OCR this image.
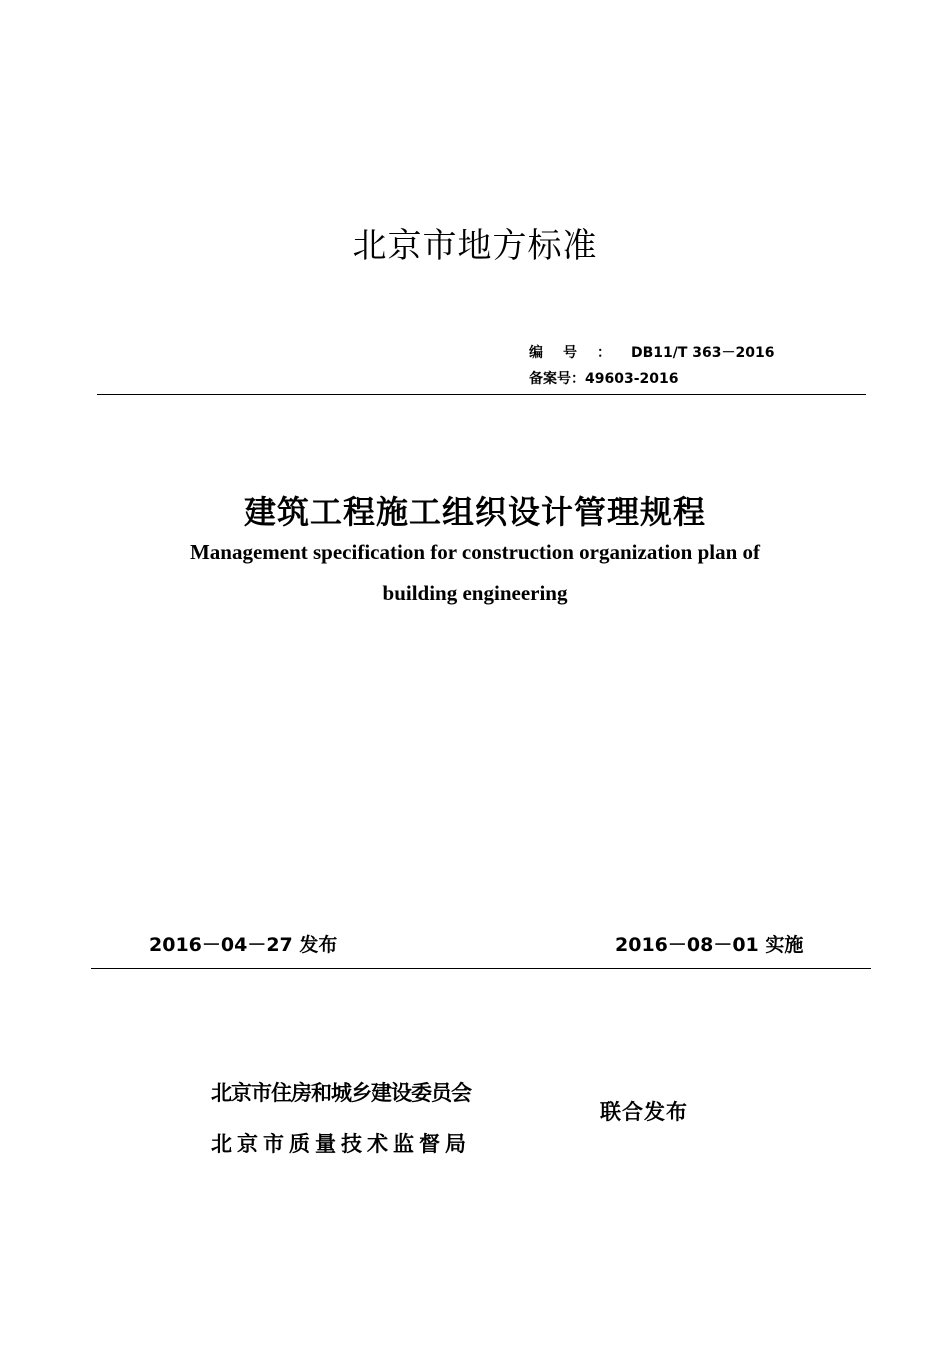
北京市地方标准
编号：DB11/T 363－2016
备案号：49603-2016
建筑工程施工组织设计管理规程
Management specification for construction organization plan of
building engineering
2016－04－27 发布	2016－08－01 实施
北京市住房和城乡建设委员会
北京市质量技术监督局
联合发布
